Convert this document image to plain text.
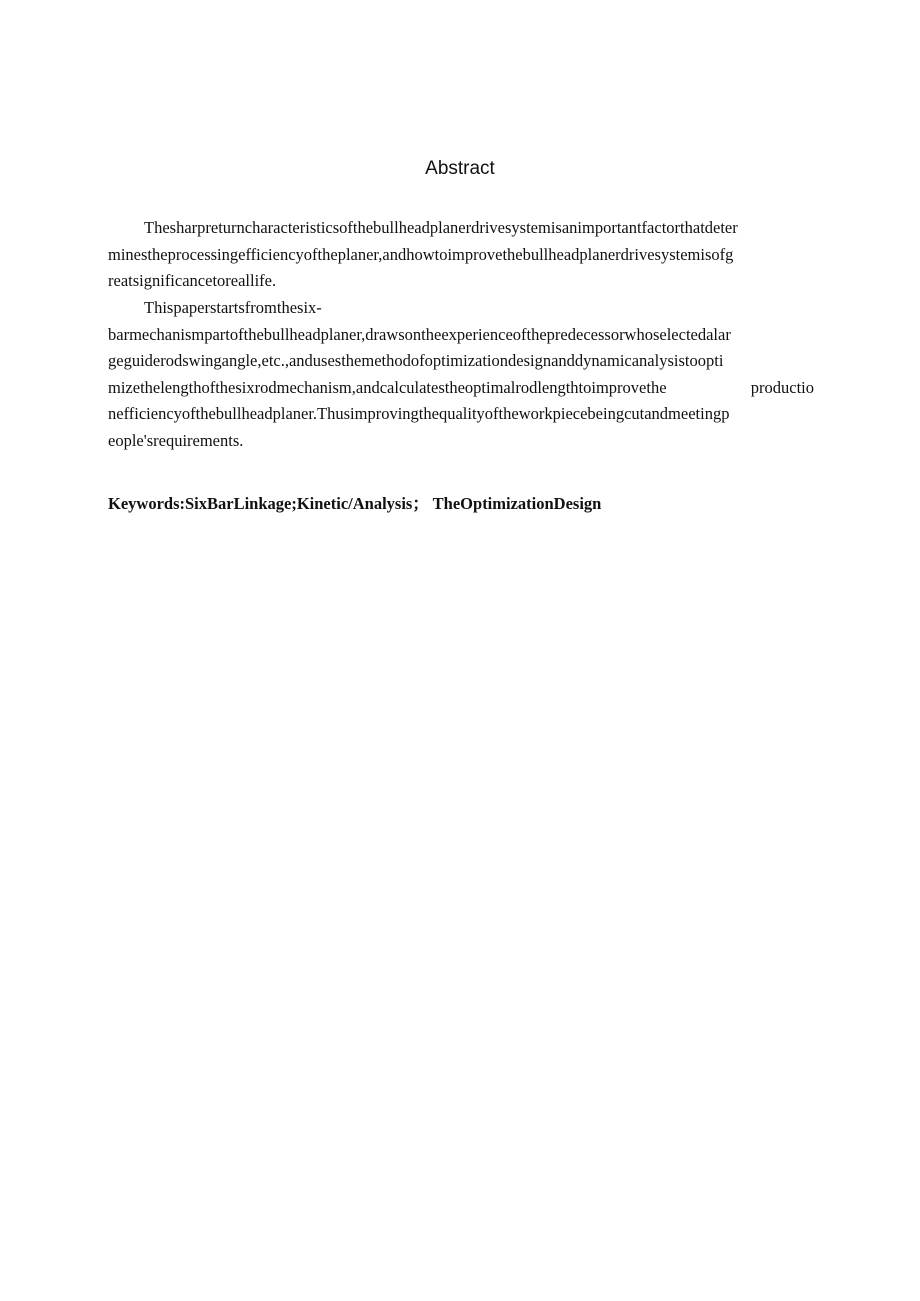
Abstract
Thesharpreturncharacteristicsofthebullheadplanerdrivesystemisanimportantfactorthatdeter
minestheprocessingefficiencyoftheplaner,andhowtoimprovethebullheadplanerdrivesystemisofg
reatsignificancetoreallife.
Thispaperstartsfromthesix-
barmechanismpartofthebullheadplaner,drawsontheexperienceofthepredecessorwhoselectedalar
geguiderodswingangle,etc.,andusesthemethodofoptimizationdesignanddynamicanalysistoopti
mizethelengthofthesixrodmechanism,andcalculatestheoptimalrodlengthtoimprovethe productio
nefficiencyofthebullheadplaner.Thusimprovingthequalityoftheworkpiecebeingcutandmeetingp
eople'srequirements.
Keywords:SixBarLinkage;Kinetic/Analysis； TheOptimizationDesign
